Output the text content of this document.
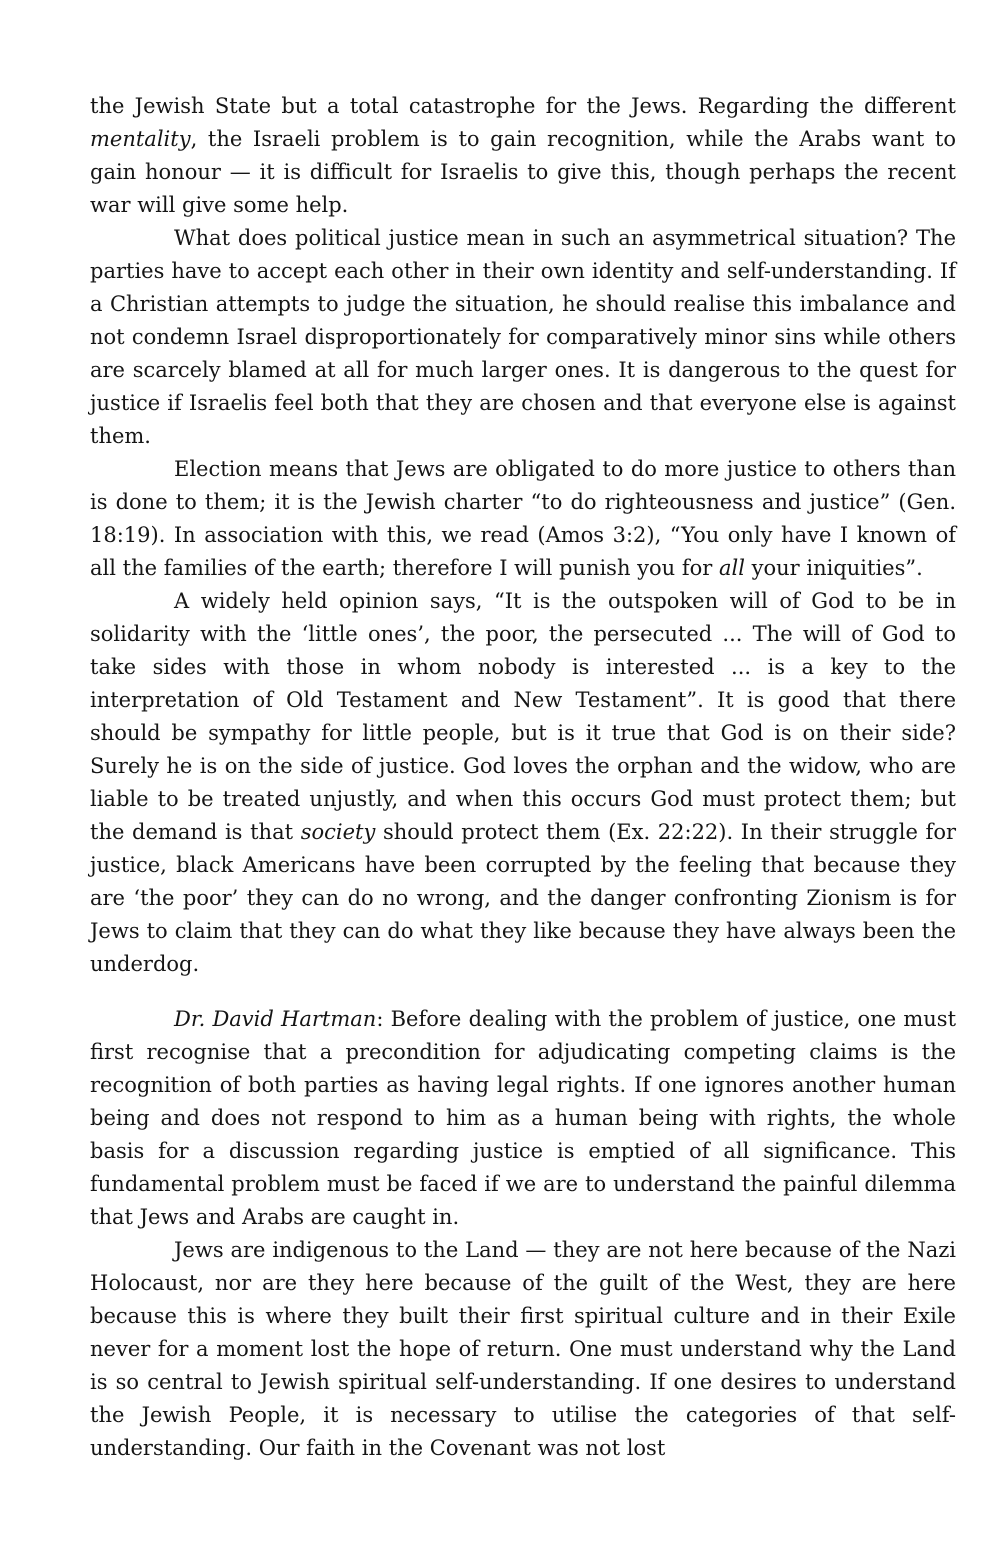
the Jewish State but a total catastrophe for the Jews. Regarding the different mentality, the Israeli problem is to gain recognition, while the Arabs want to gain honour — it is difficult for Israelis to give this, though perhaps the recent war will give some help.

What does political justice mean in such an asymmetrical situation? The parties have to accept each other in their own identity and self-understanding. If a Christian attempts to judge the situation, he should realise this imbalance and not condemn Israel disproportionately for comparatively minor sins while others are scarcely blamed at all for much larger ones. It is dangerous to the quest for justice if Israelis feel both that they are chosen and that everyone else is against them.

Election means that Jews are obligated to do more justice to others than is done to them; it is the Jewish charter “to do righteousness and justice” (Gen. 18:19). In association with this, we read (Amos 3:2), “You only have I known of all the families of the earth; therefore I will punish you for all your iniquities”.

A widely held opinion says, “It is the outspoken will of God to be in solidarity with the ‘little ones’, the poor, the persecuted ... The will of God to take sides with those in whom nobody is interested ... is a key to the interpretation of Old Testament and New Testament”. It is good that there should be sympathy for little people, but is it true that God is on their side? Surely he is on the side of justice. God loves the orphan and the widow, who are liable to be treated unjustly, and when this occurs God must protect them; but the demand is that society should protect them (Ex. 22:22). In their struggle for justice, black Americans have been corrupted by the feeling that because they are ‘the poor’ they can do no wrong, and the danger confronting Zionism is for Jews to claim that they can do what they like because they have always been the underdog.

Dr. David Hartman: Before dealing with the problem of justice, one must first recognise that a precondition for adjudicating competing claims is the recognition of both parties as having legal rights. If one ignores another human being and does not respond to him as a human being with rights, the whole basis for a discussion regarding justice is emptied of all significance. This fundamental problem must be faced if we are to understand the painful dilemma that Jews and Arabs are caught in.

Jews are indigenous to the Land — they are not here because of the Nazi Holocaust, nor are they here because of the guilt of the West, they are here because this is where they built their first spiritual culture and in their Exile never for a moment lost the hope of return. One must understand why the Land is so central to Jewish spiritual self-understanding. If one desires to understand the Jewish People, it is necessary to utilise the categories of that self-understanding. Our faith in the Covenant was not lost
